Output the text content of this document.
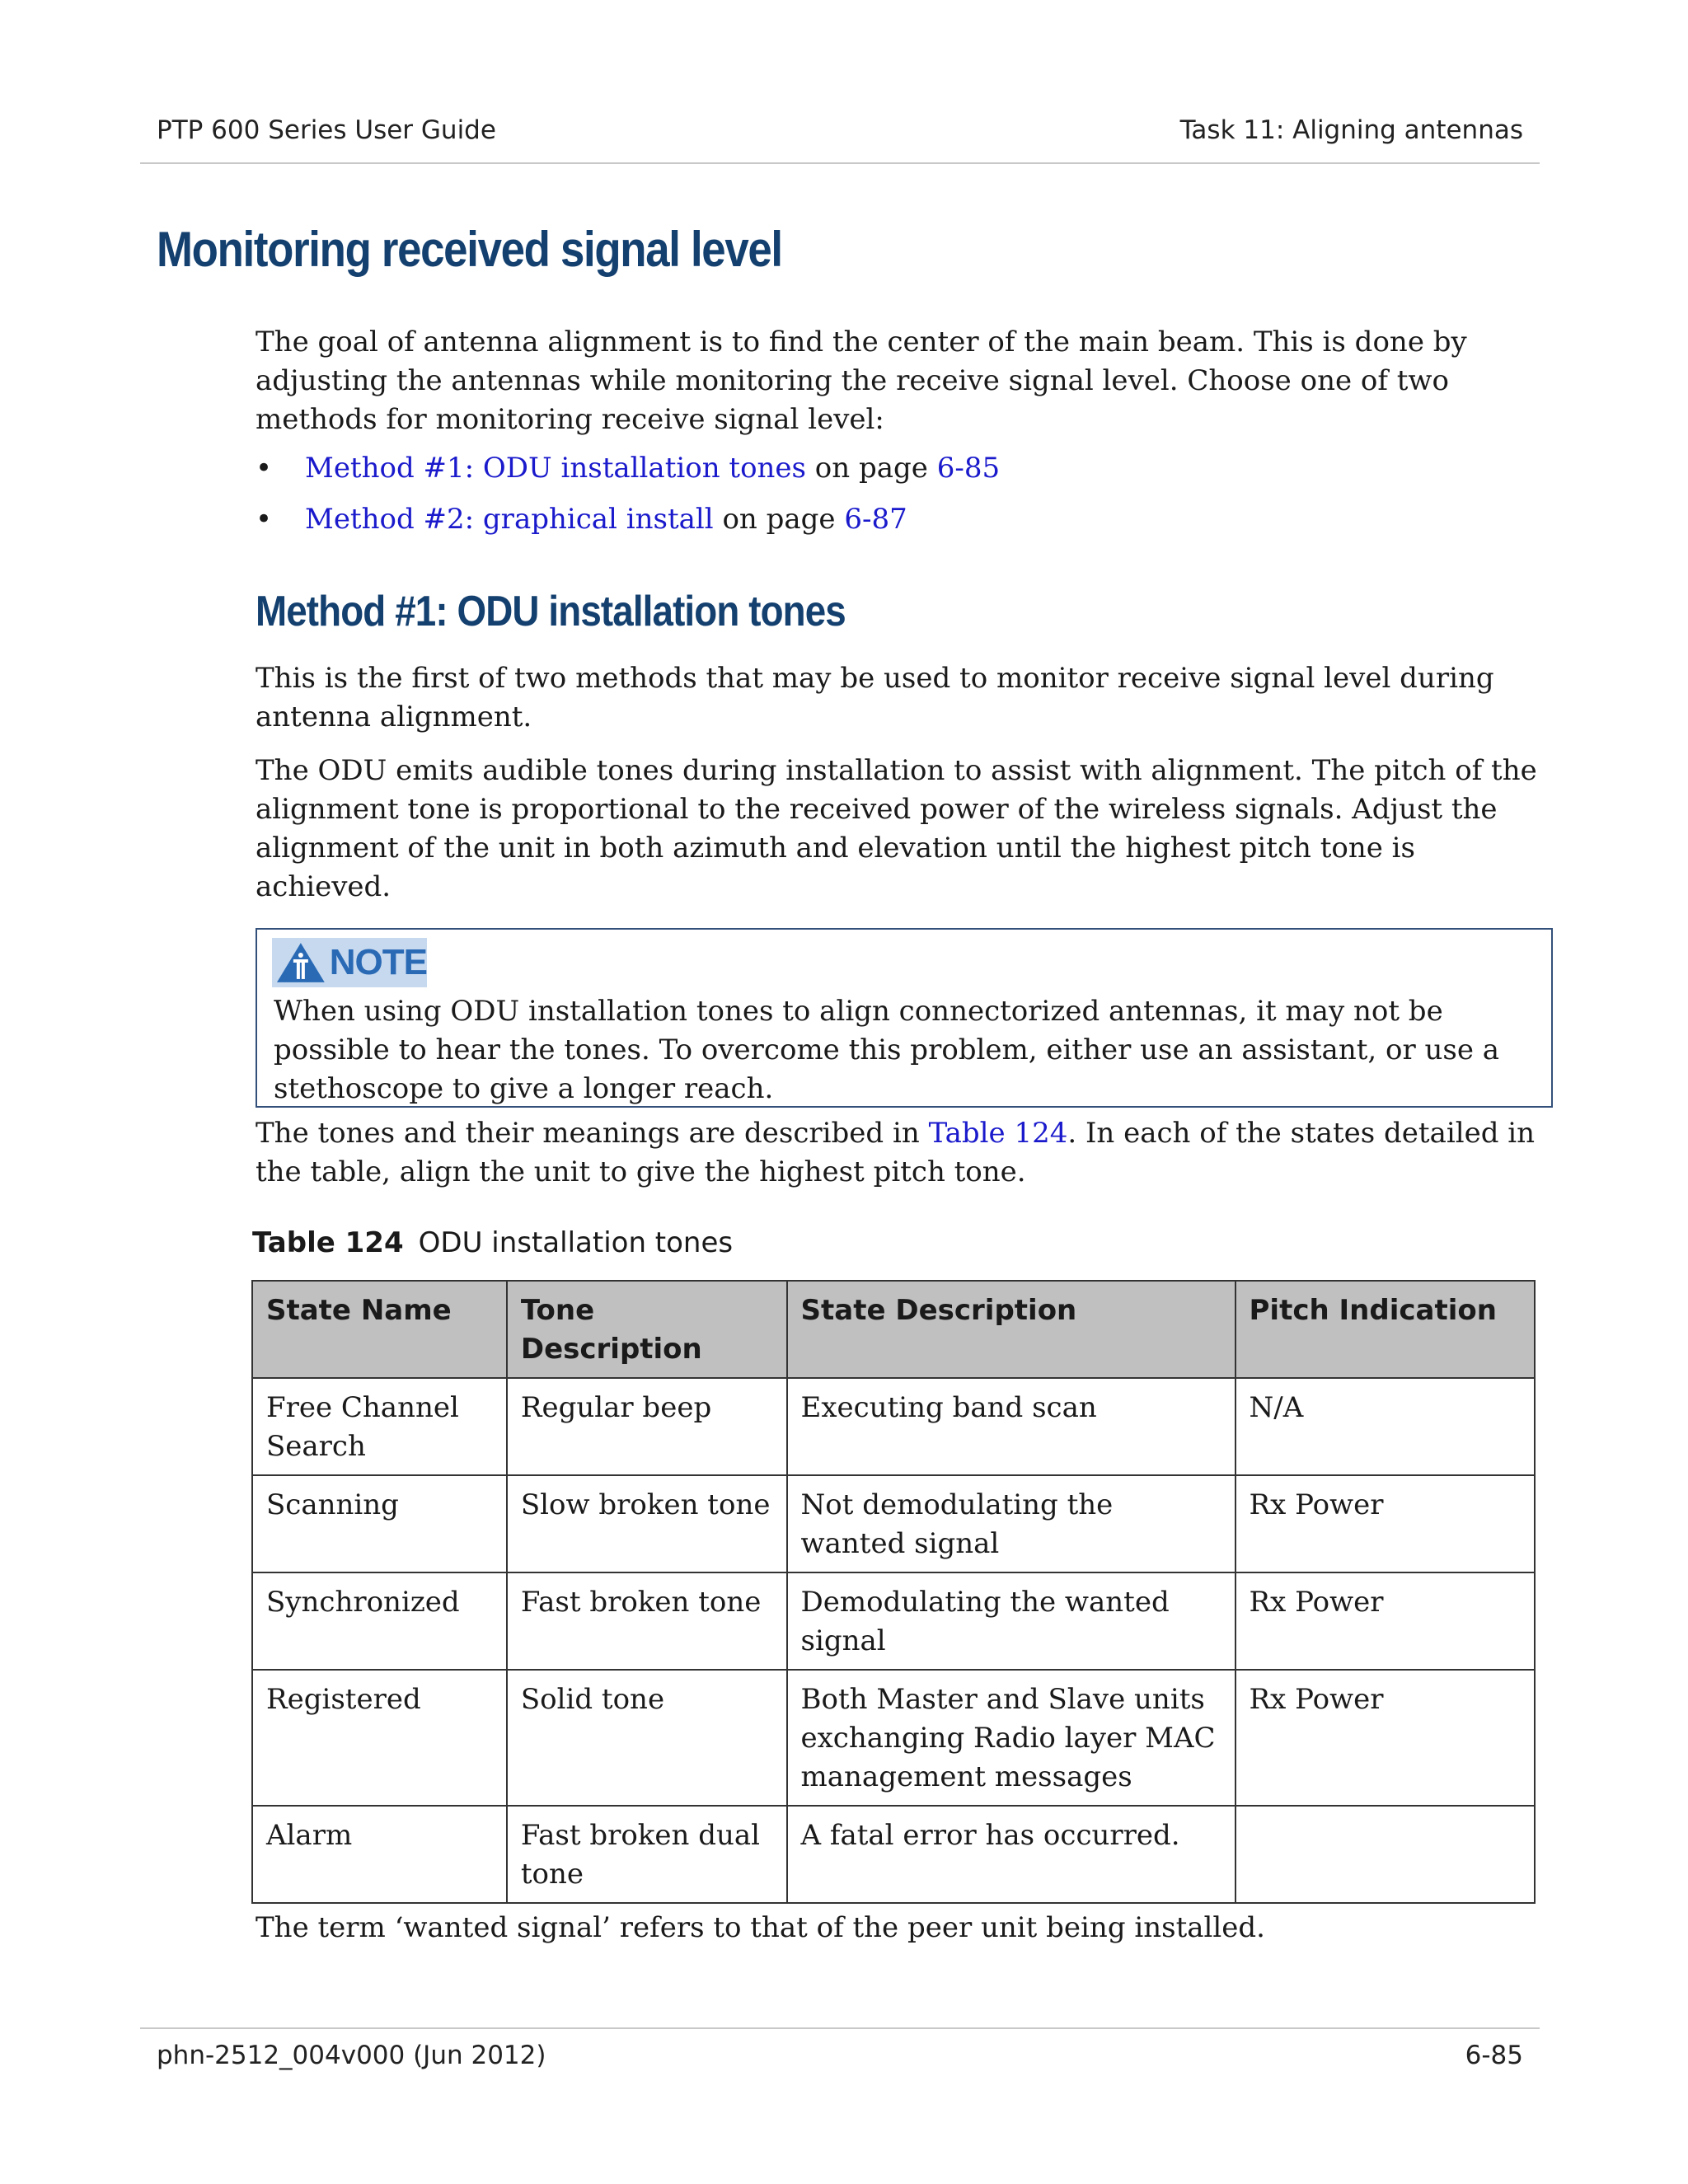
PTP 600 Series User Guide	Task 11: Aligning antennas
Monitoring received signal level

The goal of antenna alignment is to find the center of the main beam. This is done by adjusting the antennas while monitoring the receive signal level. Choose one of two methods for monitoring receive signal level:

• Method #1: ODU installation tones on page 6-85
• Method #2: graphical install on page 6-87
Method #1: ODU installation tones

This is the first of two methods that may be used to monitor receive signal level during antenna alignment.

The ODU emits audible tones during installation to assist with alignment. The pitch of the alignment tone is proportional to the received power of the wireless signals. Adjust the alignment of the unit in both azimuth and elevation until the highest pitch tone is achieved.

NOTE
When using ODU installation tones to align connectorized antennas, it may not be possible to hear the tones. To overcome this problem, either use an assistant, or use a stethoscope to give a longer reach.

The tones and their meanings are described in Table 124. In each of the states detailed in the table, align the unit to give the highest pitch tone.

Table 124 ODU installation tones
State Name	Tone Description	State Description	Pitch Indication
Free Channel Search	Regular beep	Executing band scan	N/A
Scanning	Slow broken tone	Not demodulating the wanted signal	Rx Power
Synchronized	Fast broken tone	Demodulating the wanted signal	Rx Power
Registered	Solid tone	Both Master and Slave units exchanging Radio layer MAC management messages	Rx Power
Alarm	Fast broken dual tone	A fatal error has occurred.	

The term ‘wanted signal’ refers to that of the peer unit being installed.

phn-2512_004v000 (Jun 2012)	6-85
